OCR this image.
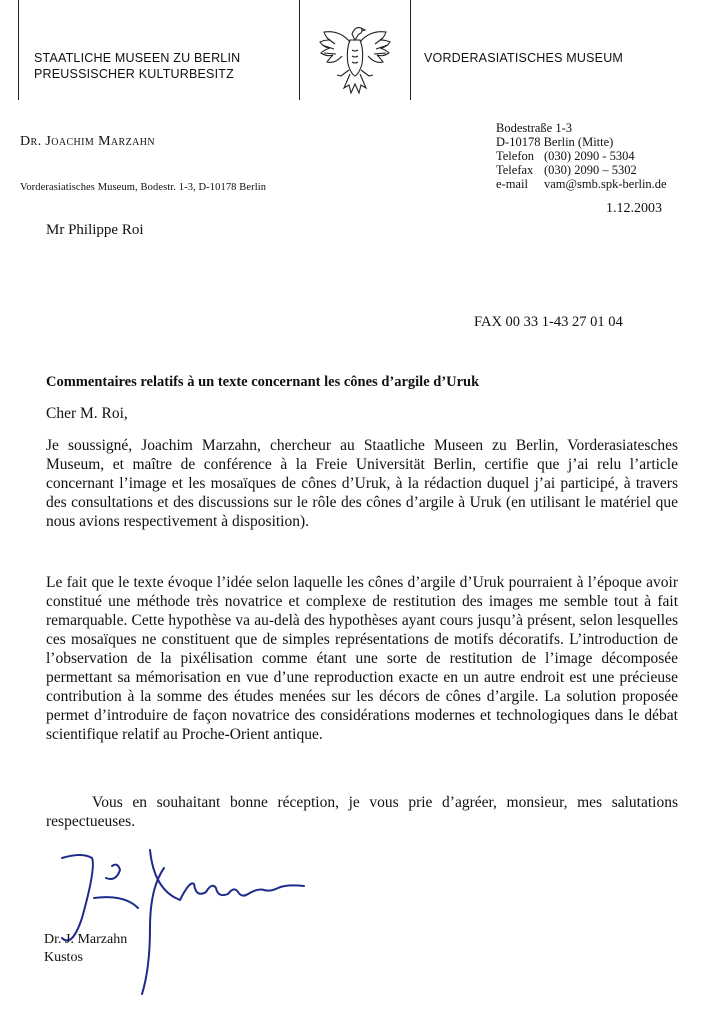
STAATLICHE MUSEEN ZU BERLIN
PREUSSISCHER KULTURBESITZ
VORDERASIATISCHES MUSEUM
Dr. Joachim Marzahn
Vorderasiatisches Museum, Bodestr. 1-3, D-10178 Berlin
Bodestraße 1-3
D-10178 Berlin (Mitte)
Telefon (030) 2090 - 5304
Telefax (030) 2090 – 5302
e-mail vam@smb.spk-berlin.de
1.12.2003
Mr Philippe Roi
FAX 00 33 1-43 27 01 04
Commentaires relatifs à un texte concernant les cônes d’argile d’Uruk
Cher M. Roi,
Je soussigné, Joachim Marzahn, chercheur au Staatliche Museen zu Berlin, Vorderasiatesches Museum, et maître de conférence à la Freie Universität Berlin, certifie que j’ai relu l’article concernant l’image et les mosaïques de cônes d’Uruk, à la rédaction duquel j’ai participé, à travers des consultations et des discussions sur le rôle des cônes d’argile à Uruk (en utilisant le matériel que nous avions respectivement à disposition).
Le fait que le texte évoque l’idée selon laquelle les cônes d’argile d’Uruk pourraient à l’époque avoir constitué une méthode très novatrice et complexe de restitution des images me semble tout à fait remarquable. Cette hypothèse va au-delà des hypothèses ayant cours jusqu’à présent, selon lesquelles ces mosaïques ne constituent que de simples représentations de motifs décoratifs. L’introduction de l’observation de la pixélisation comme étant une sorte de restitution de l’image décomposée permettant sa mémorisation en vue d’une reproduction exacte en un autre endroit est une précieuse contribution à la somme des études menées sur les décors de cônes d’argile. La solution proposée permet d’introduire de façon novatrice des considérations modernes et technologiques dans le débat scientifique relatif au Proche-Orient antique.
Vous en souhaitant bonne réception, je vous prie d’agréer, monsieur, mes salutations respectueuses.
Dr. J. Marzahn
Kustos
